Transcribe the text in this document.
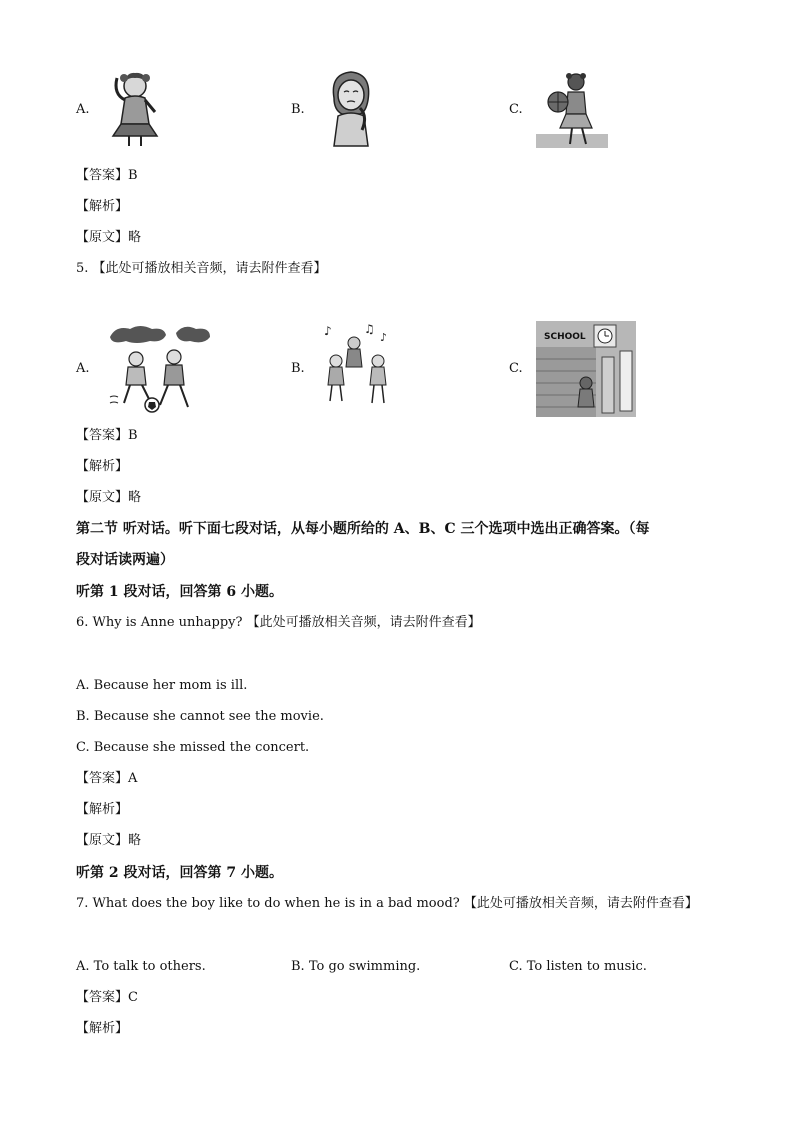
A.	B.	C.
【答案】B
【解析】
【原文】略
5. 【此处可播放相关音频，请去附件查看】
A.	B.
♪	♫
♪
C.
SCHOOL
【答案】B
【解析】
【原文】略
第二节 听对话。听下面七段对话，从每小题所给的 A、B、C 三个选项中选出正确答案。（每
段对话读两遍）
听第 1 段对话，回答第 6 小题。
6. Why is Anne unhappy? 【此处可播放相关音频，请去附件查看】
A. Because her mom is ill.
B. Because she cannot see the movie.
C. Because she missed the concert.
【答案】A
【解析】
【原文】略
听第 2 段对话，回答第 7 小题。
7. What does the boy like to do when he is in a bad mood? 【此处可播放相关音频，请去附件查看】
A. To talk to others.	B. To go swimming.	C. To listen to music.
【答案】C
【解析】
